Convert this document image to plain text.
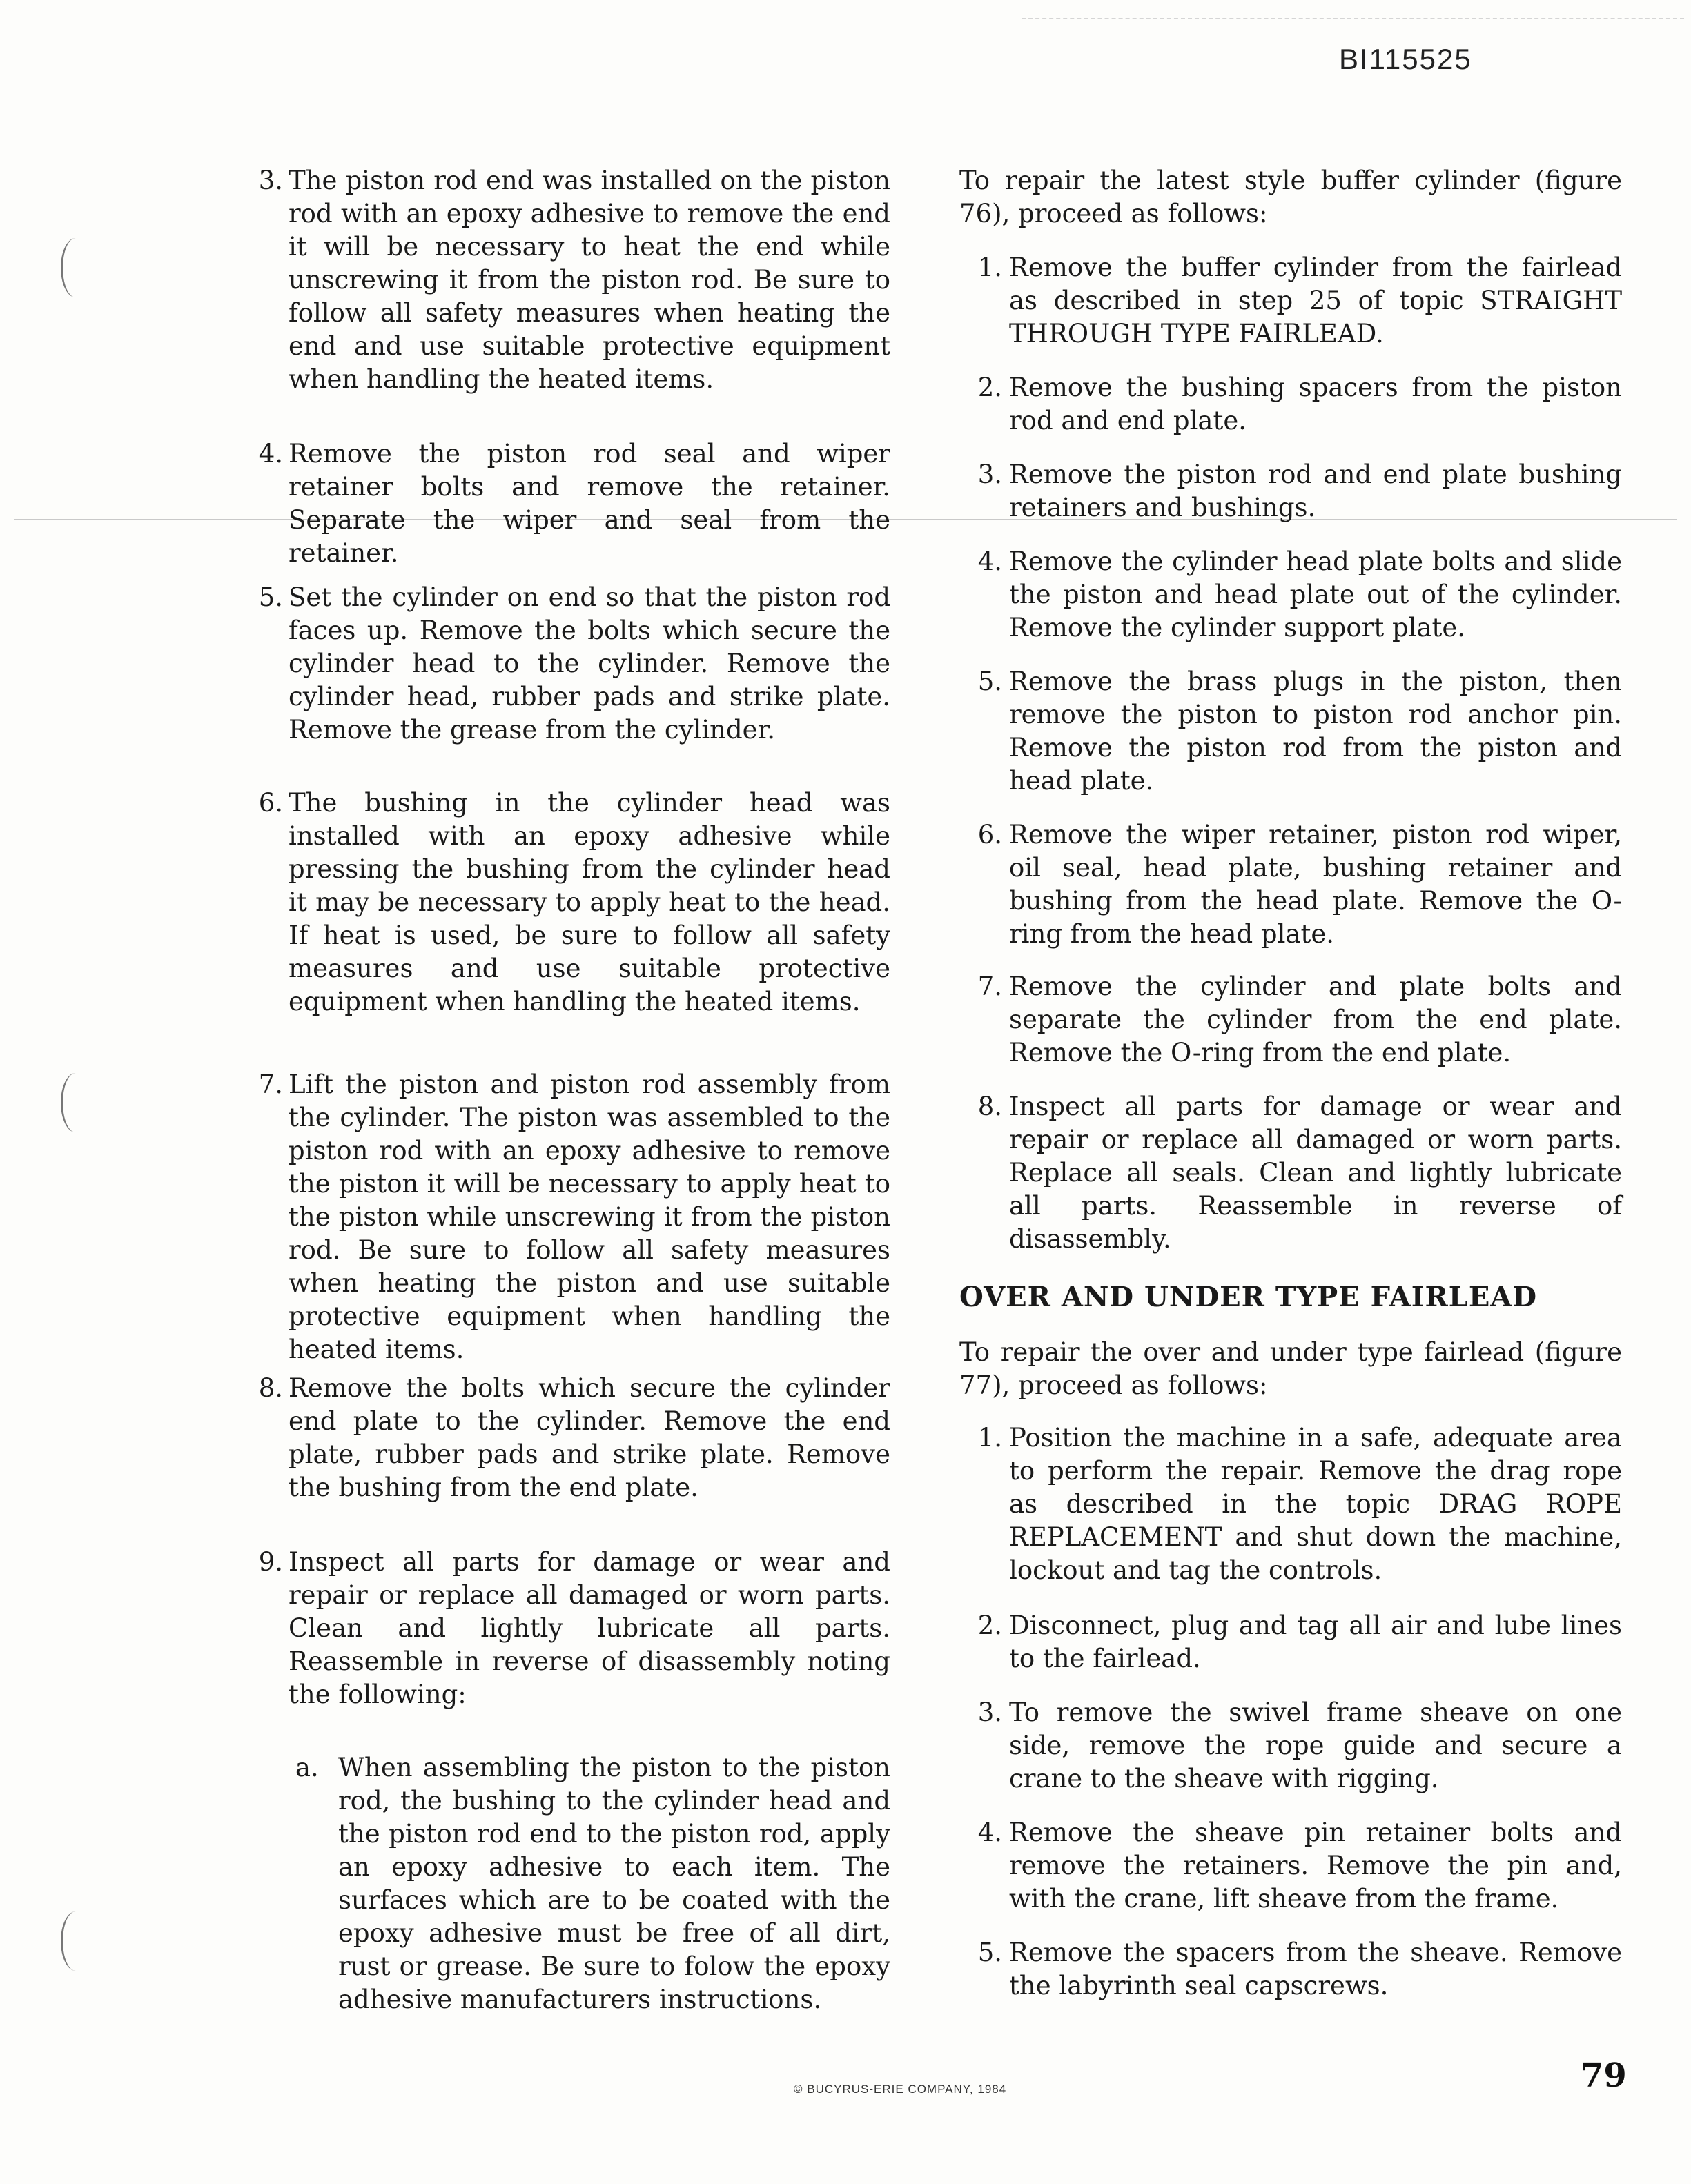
BI115525
3. The piston rod end was installed on the piston rod with an epoxy adhesive to remove the end it will be necessary to heat the end while unscrewing it from the piston rod. Be sure to follow all safety measures when heating the end and use suitable protective equipment when handling the heated items.
4. Remove the piston rod seal and wiper retainer bolts and remove the retainer. Separate the wiper and seal from the retainer.
5. Set the cylinder on end so that the piston rod faces up. Remove the bolts which secure the cylinder head to the cylinder. Remove the cylinder head, rubber pads and strike plate. Remove the grease from the cylinder.
6. The bushing in the cylinder head was installed with an epoxy adhesive while pressing the bushing from the cylinder head it may be necessary to apply heat to the head. If heat is used, be sure to follow all safety measures and use suitable protective equipment when handling the heated items.
7. Lift the piston and piston rod assembly from the cylinder. The piston was assembled to the piston rod with an epoxy adhesive to remove the piston it will be necessary to apply heat to the piston while unscrewing it from the piston rod. Be sure to follow all safety measures when heating the piston and use suitable protective equipment when handling the heated items.
8. Remove the bolts which secure the cylinder end plate to the cylinder. Remove the end plate, rubber pads and strike plate. Remove the bushing from the end plate.
9. Inspect all parts for damage or wear and repair or replace all damaged or worn parts. Clean and lightly lubricate all parts. Reassemble in reverse of disassembly noting the following:
a. When assembling the piston to the piston rod, the bushing to the cylinder head and the piston rod end to the piston rod, apply an epoxy adhesive to each item. The surfaces which are to be coated with the epoxy adhesive must be free of all dirt, rust or grease. Be sure to folow the epoxy adhesive manufacturers instructions.
To repair the latest style buffer cylinder (figure 76), proceed as follows:
1. Remove the buffer cylinder from the fairlead as described in step 25 of topic STRAIGHT THROUGH TYPE FAIRLEAD.
2. Remove the bushing spacers from the piston rod and end plate.
3. Remove the piston rod and end plate bushing retainers and bushings.
4. Remove the cylinder head plate bolts and slide the piston and head plate out of the cylinder. Remove the cylinder support plate.
5. Remove the brass plugs in the piston, then remove the piston to piston rod anchor pin. Remove the piston rod from the piston and head plate.
6. Remove the wiper retainer, piston rod wiper, oil seal, head plate, bushing retainer and bushing from the head plate. Remove the O-ring from the head plate.
7. Remove the cylinder and plate bolts and separate the cylinder from the end plate. Remove the O-ring from the end plate.
8. Inspect all parts for damage or wear and repair or replace all damaged or worn parts. Replace all seals. Clean and lightly lubricate all parts. Reassemble in reverse of disassembly.
OVER AND UNDER TYPE FAIRLEAD
To repair the over and under type fairlead (figure 77), proceed as follows:
1. Position the machine in a safe, adequate area to perform the repair. Remove the drag rope as described in the topic DRAG ROPE REPLACEMENT and shut down the machine, lockout and tag the controls.
2. Disconnect, plug and tag all air and lube lines to the fairlead.
3. To remove the swivel frame sheave on one side, remove the rope guide and secure a crane to the sheave with rigging.
4. Remove the sheave pin retainer bolts and remove the retainers. Remove the pin and, with the crane, lift sheave from the frame.
5. Remove the spacers from the sheave. Remove the labyrinth seal capscrews.
© BUCYRUS-ERIE COMPANY, 1984	79
